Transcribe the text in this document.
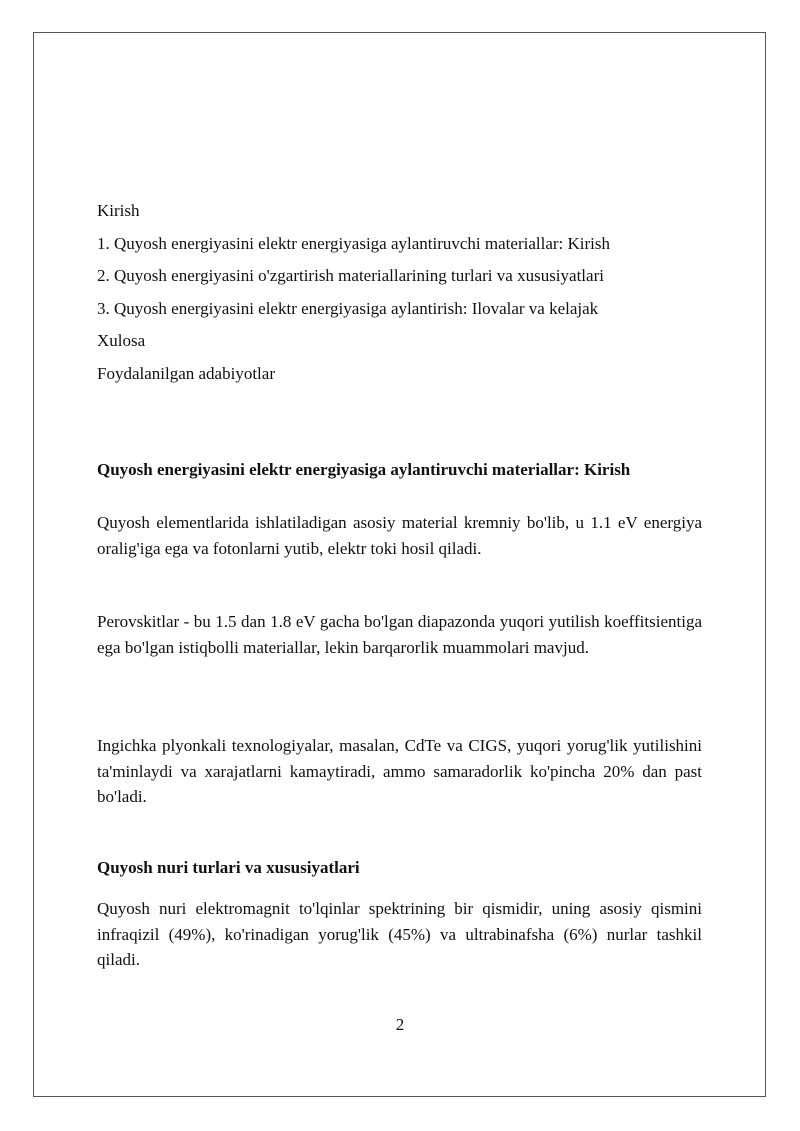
Kirish
1. Quyosh energiyasini elektr energiyasiga aylantiruvchi materiallar: Kirish
2. Quyosh energiyasini o'zgartirish materiallarining turlari va xususiyatlari
3. Quyosh energiyasini elektr energiyasiga aylantirish: Ilovalar va kelajak
Xulosa
Foydalanilgan adabiyotlar
Quyosh energiyasini elektr energiyasiga aylantiruvchi materiallar: Kirish
Quyosh elementlarida ishlatiladigan asosiy material kremniy bo'lib, u 1.1 eV energiya oralig'iga ega va fotonlarni yutib, elektr toki hosil qiladi.
Perovskitlar - bu 1.5 dan 1.8 eV gacha bo'lgan diapazonda yuqori yutilish koeffitsientiga ega bo'lgan istiqbolli materiallar, lekin barqarorlik muammolari mavjud.
Ingichka plyonkali texnologiyalar, masalan, CdTe va CIGS, yuqori yorug'lik yutilishini ta'minlaydi va xarajatlarni kamaytiradi, ammo samaradorlik ko'pincha 20% dan past bo'ladi.
Quyosh nuri turlari va xususiyatlari
Quyosh nuri elektromagnit to'lqinlar spektrining bir qismidir, uning asosiy qismini infraqizil (49%), ko'rinadigan yorug'lik (45%) va ultrabinafsha (6%) nurlar tashkil qiladi.
2
